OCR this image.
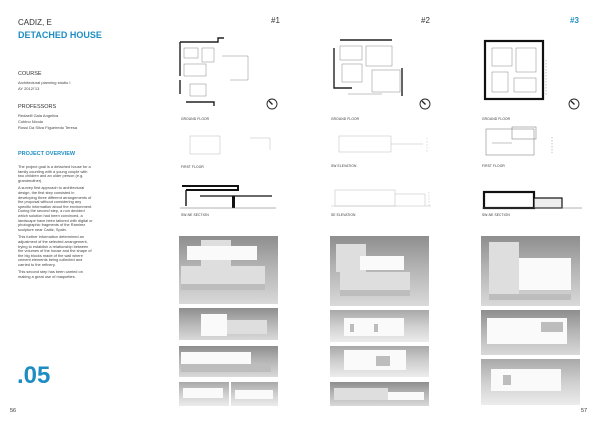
CADIZ, E
DETACHED HOUSE
COURSE
Architectural planning studio I
AY 2012/'13
PROFESSORS
Redaelli Gaia Angelica
Cobino Nicola
Rossi Da Silva Figueiredo Teresa
PROJECT OVERVIEW

The project goal is a detached house for a family counting with a young couple with two children and an older person (e.g. grandmother).

A survey first approach to architectural design, the first step consisted in developing three different arrangements of the proposal without considering any specific information about the environment. During the second step, a non decided which solution had been convinced, a landscape have been tailored with digital or photographic fragments of the Ramirez sculpture near Cadiz, Spain.

This further information determined an adjustment of the selected arrangement, trying to establish a relationship between the volumes of the house and the shape of the big blocks made of the wall where cement elements being collected and carried to the refinery.

This second step has been carried on making a great use of maquettes.

.05
56	57
#1	#2	#3
GROUND FLOOR
FIRST FLOOR
SW-NE SECTION
GROUND FLOOR
SW ELEVATION
SE ELEVATION
GROUND FLOOR
FIRST FLOOR
SW-NE SECTION
